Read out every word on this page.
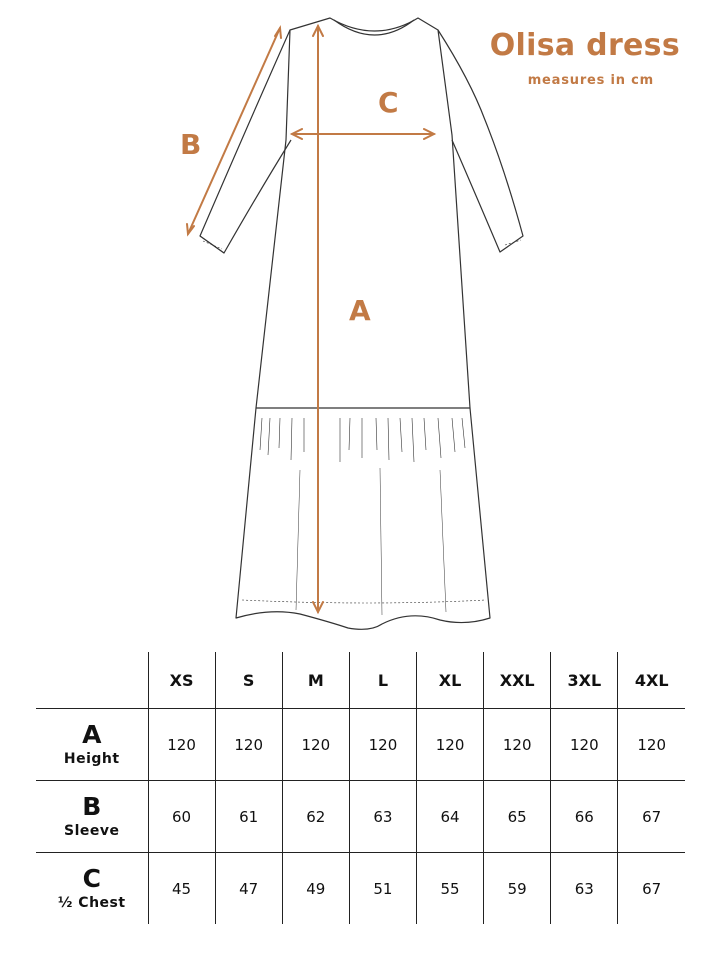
Olisa dress
measures in cm
B
C
A
	XS	S	M	L	XL	XXL	3XL	4XL

A
Height	120	120	120	120	120	120	120	120

B
Sleeve	60	61	62	63	64	65	66	67

C
½ Chest	45	47	49	51	55	59	63	67
